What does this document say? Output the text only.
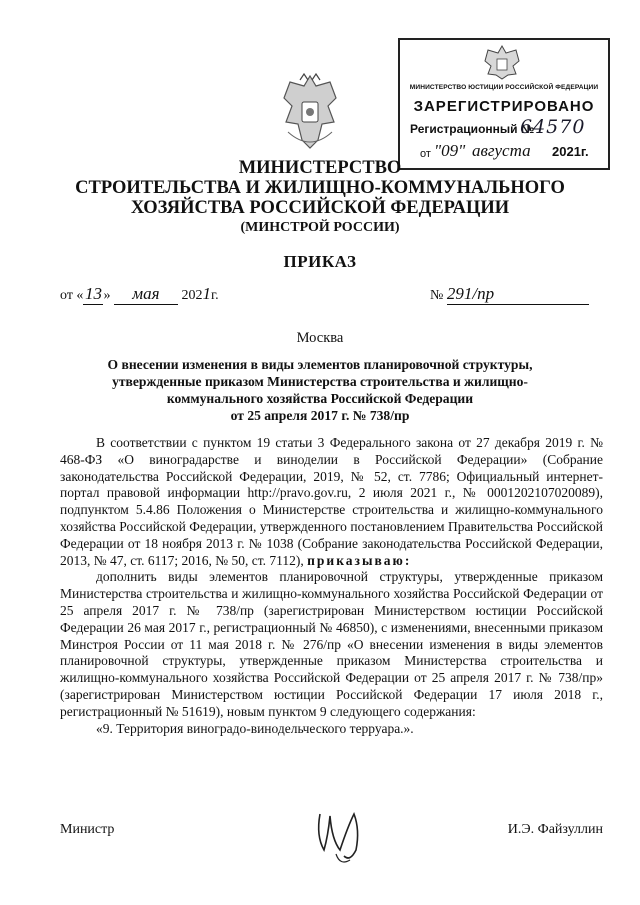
МИНИСТЕРСТВО ЮСТИЦИИ РОССИЙСКОЙ ФЕДЕРАЦИИ
ЗАРЕГИСТРИРОВАНО
Регистрационный №
64570
от "09" августа 2021г.
МИНИСТЕРСТВО
СТРОИТЕЛЬСТВА И ЖИЛИЩНО-КОММУНАЛЬНОГО
ХОЗЯЙСТВА РОССИЙСКОЙ ФЕДЕРАЦИИ
(МИНСТРОЙ РОССИИ)
ПРИКАЗ
от «13 » мая 2021г.	№ 291/пр
Москва
О внесении изменения в виды элементов планировочной структуры,
утвержденные приказом Министерства строительства и жилищно-
коммунального хозяйства Российской Федерации
от 25 апреля 2017 г. № 738/пр

В соответствии с пунктом 19 статьи 3 Федерального закона от 27 декабря 2019 г. № 468-ФЗ «О виноградарстве и виноделии в Российской Федерации» (Собрание законодательства Российской Федерации, 2019, № 52, ст. 7786; Официальный интернет-портал правовой информации http://pravo.gov.ru, 2 июля 2021 г., № 0001202107020089), подпунктом 5.4.86 Положения о Министерстве строительства и жилищно-коммунального хозяйства Российской Федерации, утвержденного постановлением Правительства Российской Федерации от 18 ноября 2013 г. № 1038 (Собрание законодательства Российской Федерации, 2013, № 47, ст. 6117; 2016, № 50, ст. 7112), приказываю:

дополнить виды элементов планировочной структуры, утвержденные приказом Министерства строительства и жилищно-коммунального хозяйства Российской Федерации от 25 апреля 2017 г. № 738/пр (зарегистрирован Министерством юстиции Российской Федерации 26 мая 2017 г., регистрационный № 46850), с изменениями, внесенными приказом Минстроя России от 11 мая 2018 г. № 276/пр «О внесении изменения в виды элементов планировочной структуры, утвержденные приказом Министерства строительства и жилищно-коммунального хозяйства Российской Федерации от 25 апреля 2017 г. № 738/пр» (зарегистрирован Министерством юстиции Российской Федерации 17 июля 2018 г., регистрационный № 51619), новым пунктом 9 следующего содержания:

«9. Территория виноградо-винодельческого терруара.».

Министр	И.Э. Файзуллин
